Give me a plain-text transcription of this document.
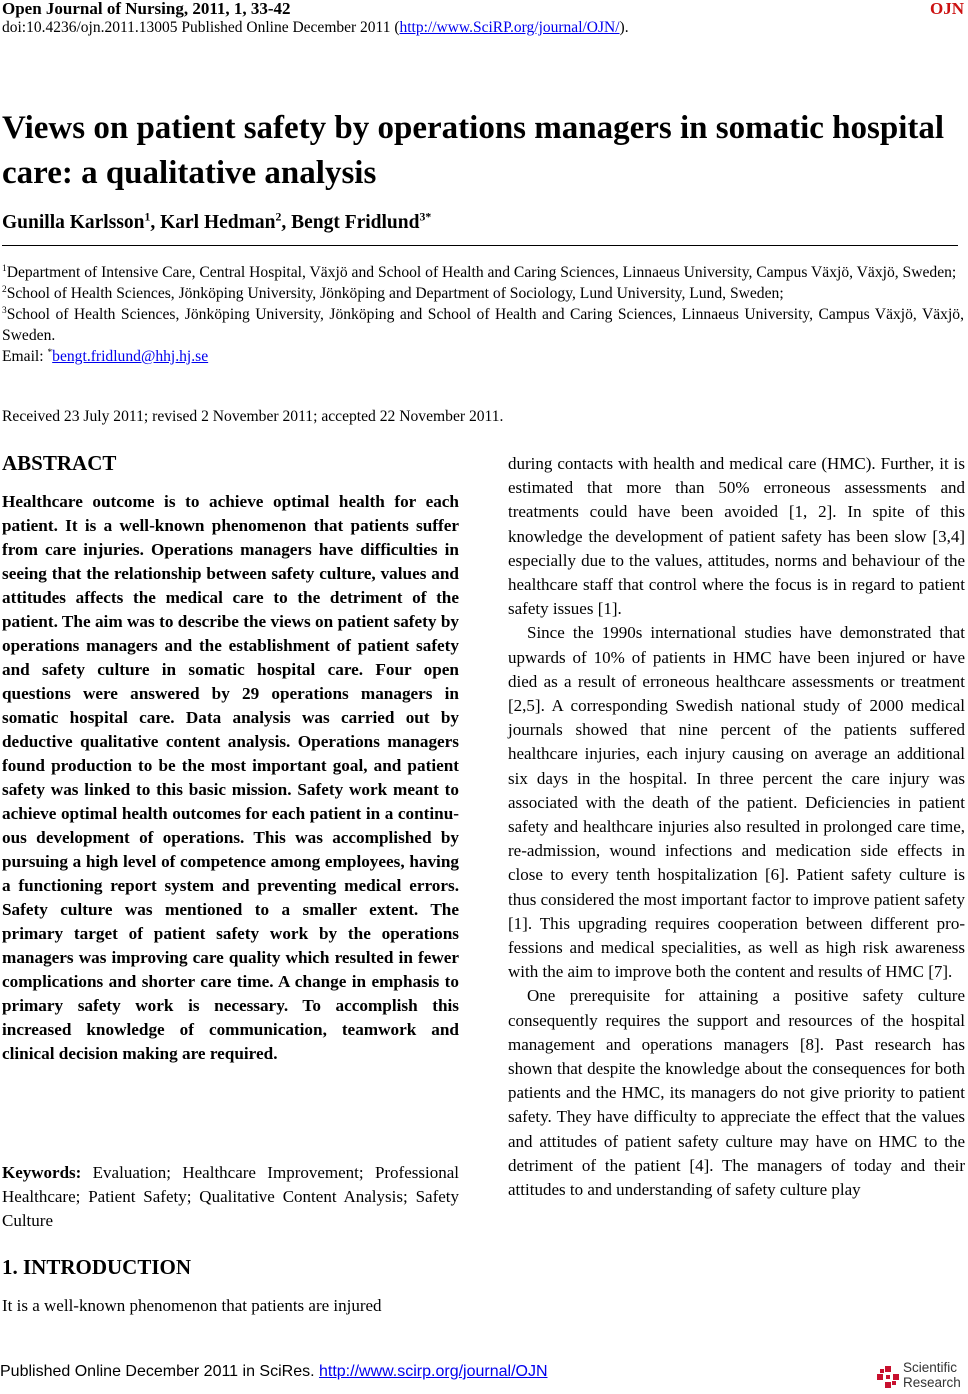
Open Journal of Nursing, 2011, 1, 33-42	OJN
doi:10.4236/ojn.2011.13005 Published Online December 2011 (http://www.SciRP.org/journal/OJN/).
Views on patient safety by operations managers in somatic hospital care: a qualitative analysis
Gunilla Karlsson$^1$, Karl Hedman$^2$, Bengt Fridlund$^{3*}$

$^1$Department of Intensive Care, Central Hospital, Växjö and School of Health and Caring Sciences, Linnaeus University, Campus Växjö, Växjö, Sweden;

$^2$School of Health Sciences, Jönköping University, Jönköping and Department of Sociology, Lund University, Lund, Sweden;

$^3$School of Health Sciences, Jönköping University, Jönköping and School of Health and Caring Sciences, Linnaeus University, Campus Växjö, Växjö, Sweden.

Email: *bengt.fridlund@hhj.hj.se

Received 23 July 2011; revised 2 November 2011; accepted 22 November 2011.
ABSTRACT

Healthcare outcome is to achieve optimal health for each patient. It is a well-known phenomenon that patients suffer from care injuries. Operations managers have difficulties in seeing that the relationship between safety culture, values and attitudes affects the medical care to the detriment of the patient. The aim was to describe the views on patient safety by operations managers and the establishment of patient safety and safety culture in somatic hospital care. Four open questions were answered by 29 operations managers in somatic hospital care. Data analysis was carried out by deductive qualitative content analysis. Operations managers found production to be the most important goal, and patient safety was linked to this basic mission. Safety work meant to achieve optimal health outcomes for each patient in a continuous development of operations. This was accomplished by pursuing a high level of competence among employees, having a functioning report system and preventing medical errors. Safety culture was mentioned to a smaller extent. The primary target of patient safety work by the operations managers was improving care quality which resulted in fewer complications and shorter care time. A change in emphasis to primary safety work is necessary. To accomplish this increased knowledge of communication, teamwork and clinical decision making are required.

Keywords: Evaluation; Healthcare Improvement; Professional Healthcare; Patient Safety; Qualitative Content Analysis; Safety Culture

1. INTRODUCTION

It is a well-known phenomenon that patients are injured

during contacts with health and medical care (HMC). Further, it is estimated that more than 50% erroneous assessments and treatments could have been avoided [1, 2]. In spite of this knowledge the development of patient safety has been slow [3,4] especially due to the values, attitudes, norms and behaviour of the healthcare staff that control where the focus is in regard to patient safety issues [1].

Since the 1990s international studies have demonstrated that upwards of 10% of patients in HMC have been injured or have died as a result of erroneous healthcare assessments or treatment [2,5]. A corresponding Swedish national study of 2000 medical journals showed that nine percent of the patients suffered healthcare injuries, each injury causing on average an additional six days in the hospital. In three percent the care injury was associated with the death of the patient. Deficiencies in patient safety and healthcare injuries also resulted in prolonged care time, re-admission, wound infections and medication side effects in close to every tenth hospitalization [6]. Patient safety culture is thus considered the most important factor to improve patient safety [1]. This upgrading requires cooperation between different professions and medical specialities, as well as high risk awareness with the aim to improve both the content and results of HMC [7].

One prerequisite for attaining a positive safety culture consequently requires the support and resources of the hospital management and operations managers [8]. Past research has shown that despite the knowledge about the consequences for both patients and the HMC, its managers do not give priority to patient safety. They have difficulty to appreciate the effect that the values and attitudes of patient safety culture may have on HMC to the detriment of the patient [4]. The managers of today and their attitudes to and understanding of safety culture play

Published Online December 2011 in SciRes. http://www.scirp.org/journal/OJN	Scientific
Research
